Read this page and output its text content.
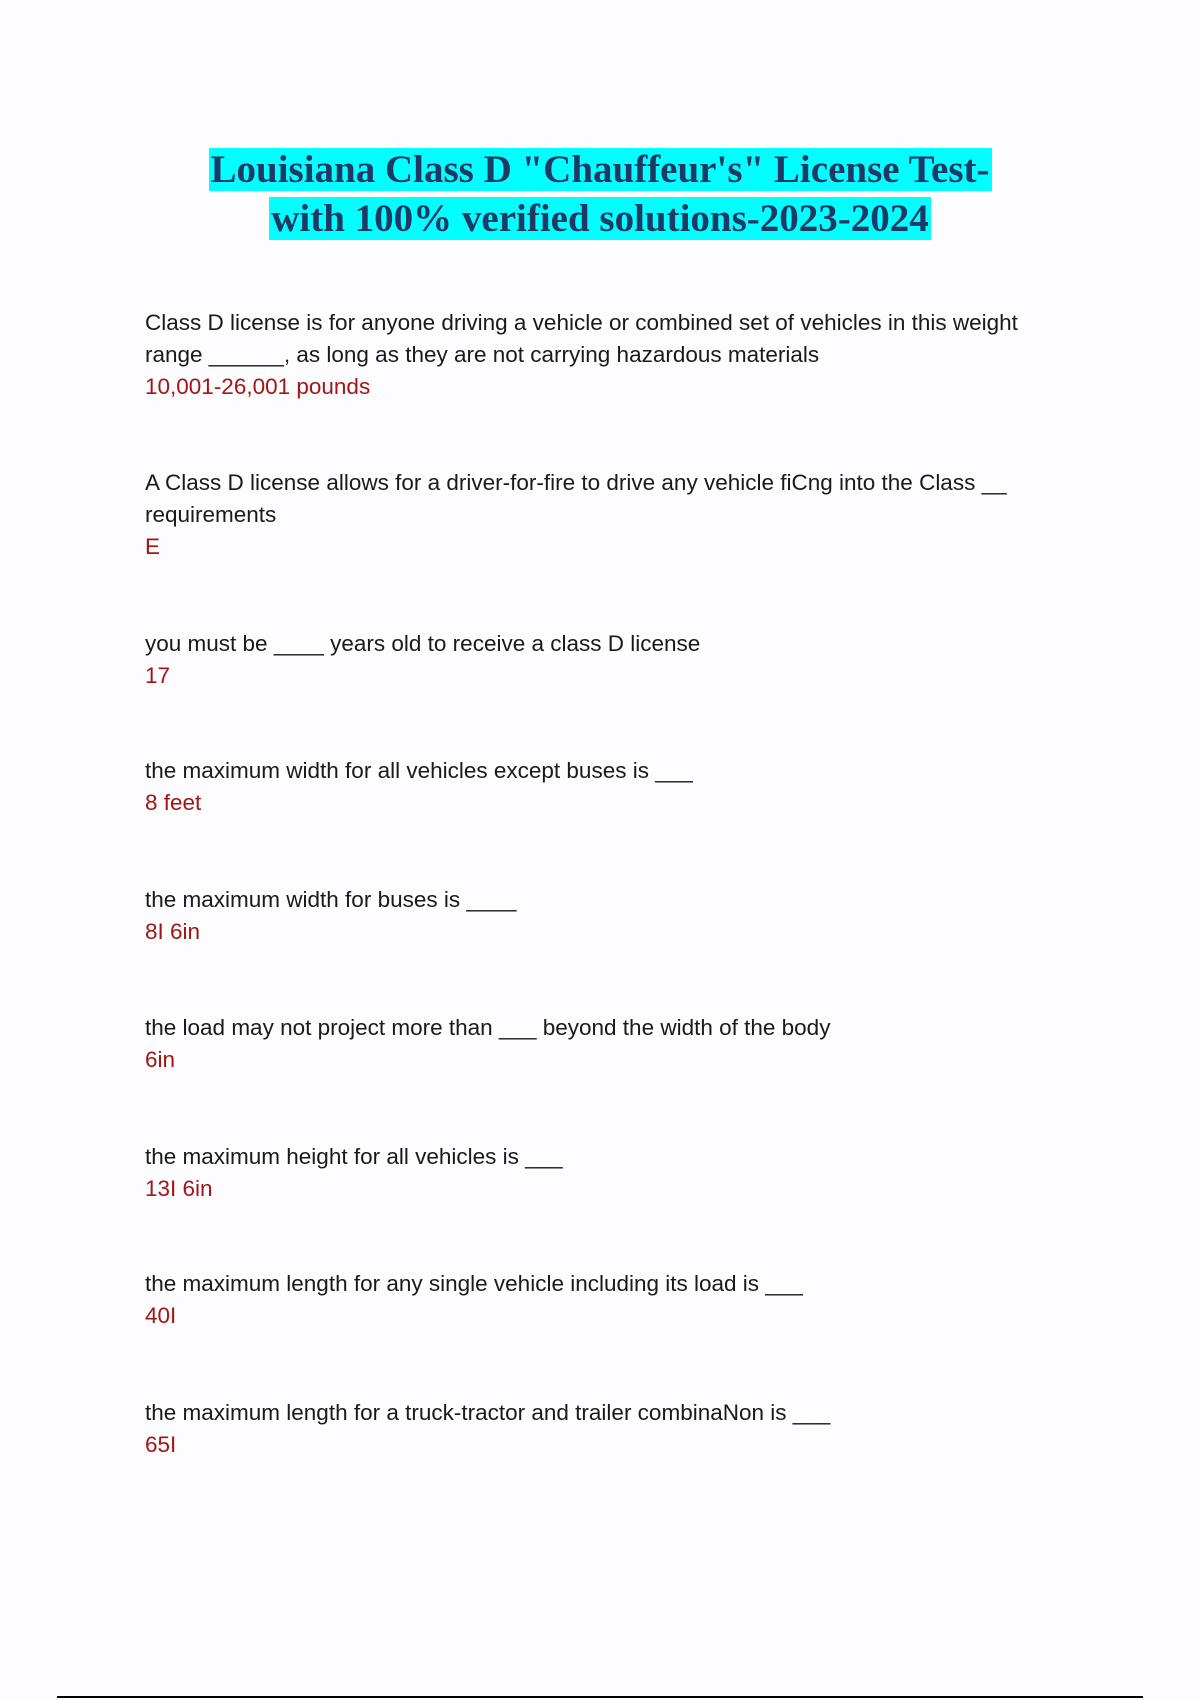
Louisiana Class D "Chauffeur's" License Test-
with 100% verified solutions-2023-2024
Class D license is for anyone driving a vehicle or combined set of vehicles in this weight range ______, as long as they are not carrying hazardous materials
10,001-26,001 pounds
A Class D license allows for a driver-for-fire to drive any vehicle fiCng into the Class __ requirements
E
you must be ____ years old to receive a class D license
17
the maximum width for all vehicles except buses is ___
8 feet
the maximum width for buses is ____
8I 6in
the load may not project more than ___ beyond the width of the body
6in
the maximum height for all vehicles is ___
13I 6in
the maximum length for any single vehicle including its load is ___
40I
the maximum length for a truck-tractor and trailer combinaNon is ___
65I
